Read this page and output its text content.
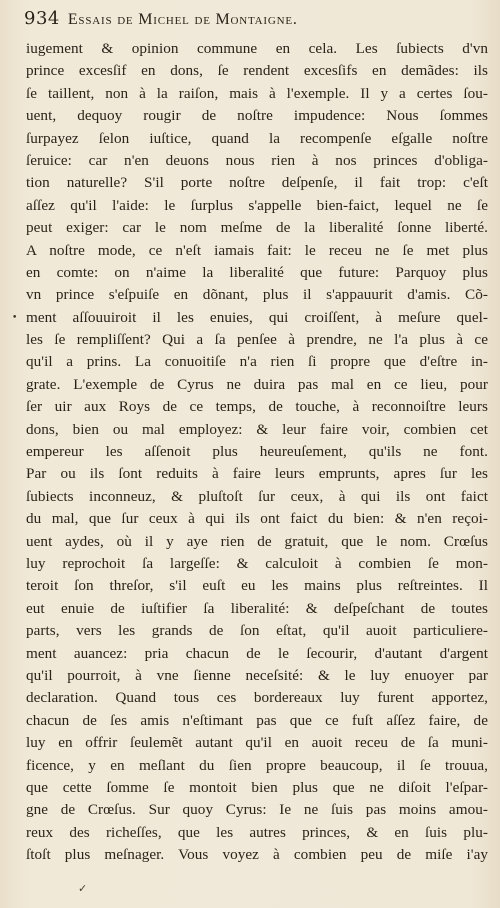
934 Essais de Michel de Montaigne.
iugement & opinion commune en cela. Les ſubiects d'vn
prince excesſif en dons, ſe rendent excesſifs en demãdes: ils
ſe taillent, non à la raiſon, mais à l'exemple. Il y a certes ſou-
uent, dequoy rougir de noſtre impudence: Nous ſommes
ſurpayez ſelon iuſtice, quand la recompenſe eſgalle noſtre
ſeruice: car n'en deuons nous rien à nos princes d'obliga-
tion naturelle? S'il porte noſtre deſpenſe, il fait trop: c'eſt
aſſez qu'il l'aide: le ſurplus s'appelle bien-faict, lequel ne ſe
peut exiger: car le nom meſme de la liberalité ſonne liberté.
A noſtre mode, ce n'eſt iamais fait: le receu ne ſe met plus
en comte: on n'aime la liberalité que future: Parquoy plus
vn prince s'eſpuiſe en dõnant, plus il s'appauurit d'amis. Cõ-
ment aſſouuiroit il les enuies, qui croiſſent, à meſure quel-
les ſe rempliſſent? Qui a ſa penſee à prendre, ne l'a plus à ce
qu'il a prins. La conuoitiſe n'a rien ſi propre que d'eſtre in-
grate. L'exemple de Cyrus ne duira pas mal en ce lieu, pour
ſer uir aux Roys de ce temps, de touche, à reconnoiſtre leurs
dons, bien ou mal employez: & leur faire voir, combien cet
empereur les aſſenoit plus heureuſement, qu'ils ne font.
Par ou ils ſont reduits à faire leurs emprunts, apres ſur les
ſubiects inconneuz, & pluſtoſt ſur ceux, à qui ils ont faict
du mal, que ſur ceux à qui ils ont faict du bien: & n'en reçoi-
uent aydes, où il y aye rien de gratuit, que le nom. Crœſus
luy reprochoit ſa largeſſe: & calculoit à combien ſe mon-
teroit ſon threſor, s'il euſt eu les mains plus reſtreintes. Il
eut enuie de iuſtifier ſa liberalité: & deſpeſchant de toutes
parts, vers les grands de ſon eſtat, qu'il auoit particuliere-
ment auancez: pria chacun de le ſecourir, d'autant d'argent
qu'il pourroit, à vne ſienne neceſsité: & le luy enuoyer par
declaration. Quand tous ces bordereaux luy furent apportez,
chacun de ſes amis n'eſtimant pas que ce fuſt aſſez faire, de
luy en offrir ſeulemẽt autant qu'il en auoit receu de ſa muni-
ficence, y en meſlant du ſien propre beaucoup, il ſe trouua,
que cette ſomme ſe montoit bien plus que ne diſoit l'eſpar-
gne de Crœſus. Sur quoy Cyrus: Ie ne ſuis pas moins amou-
reux des richeſſes, que les autres princes, & en ſuis plu-
ſtoſt plus meſnager. Vous voyez à combien peu de miſe i'ay
•
✓
